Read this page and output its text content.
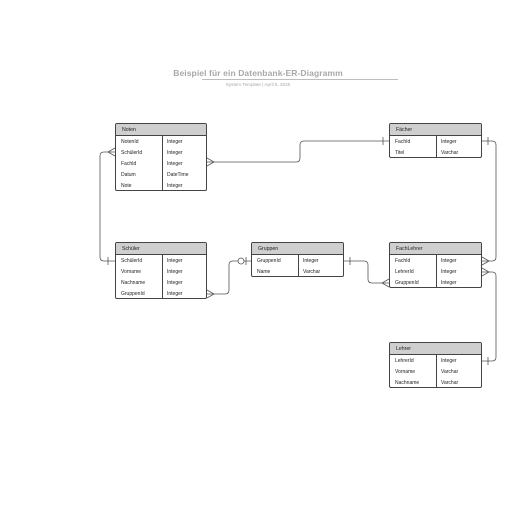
Beispiel für ein Datenbank-ER-Diagramm
System Template | April 5, 2025
Noten
NotenId	Integer
SchülerId	Integer
FachId	Integer
Datum	DateTime
Note	Integer
Fächer
FachId	Integer
Titel	Varchar
Schüler
SchülerId	Integer
Vorname	Integer
Nachname	Integer
GruppenId	Integer
Gruppen
GruppenId	Integer
Name	Varchar
FachLehrer
FachId	Integer
LehrerId	Integer
GruppenId	Integer
Lehrer
LehrerId	Integer
Vorname	Varchar
Nachname	Varchar
